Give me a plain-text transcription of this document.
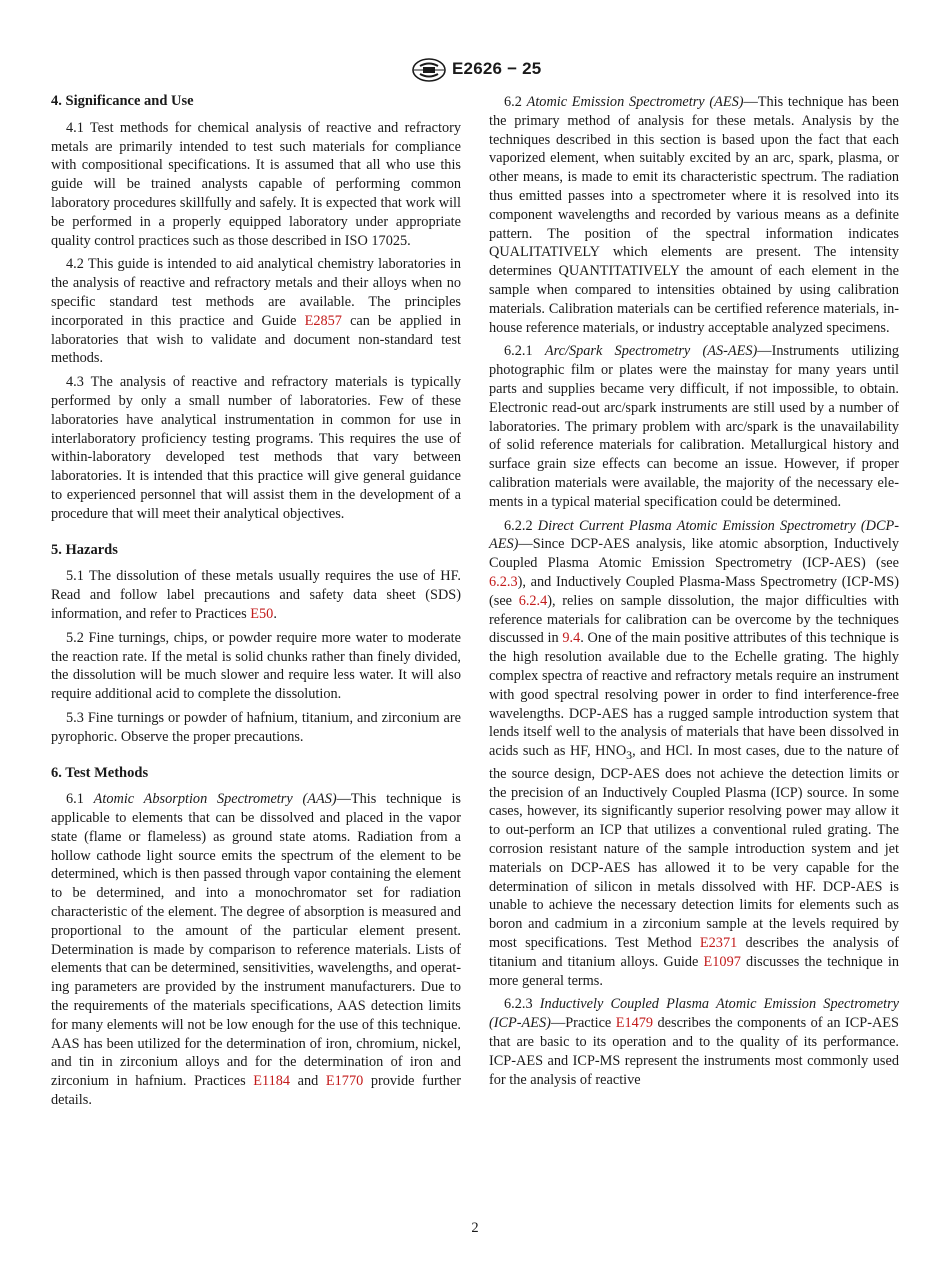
E2626 − 25
4. Significance and Use

4.1 Test methods for chemical analysis of reactive and refractory metals are primarily intended to test such materials for compliance with compositional specifications. It is assumed that all who use this guide will be trained analysts capable of performing common laboratory procedures skillfully and safely. It is expected that work will be performed in a properly equipped laboratory under appropriate quality control practices such as those described in ISO 17025.

4.2 This guide is intended to aid analytical chemistry laboratories in the analysis of reactive and refractory metals and their alloys when no specific standard test methods are available. The principles incorporated in this practice and Guide E2857 can be applied in laboratories that wish to validate and document non-standard test methods.

4.3 The analysis of reactive and refractory materials is typically performed by only a small number of laboratories. Few of these laboratories have analytical instrumentation in common for use in interlaboratory proficiency testing programs. This requires the use of within-laboratory developed test methods that vary between laboratories. It is intended that this practice will give general guidance to experienced personnel that will assist them in the development of a procedure that will meet their analytical objectives.

5. Hazards

5.1 The dissolution of these metals usually requires the use of HF. Read and follow label precautions and safety data sheet (SDS) information, and refer to Practices E50.

5.2 Fine turnings, chips, or powder require more water to moderate the reaction rate. If the metal is solid chunks rather than finely divided, the dissolution will be much slower and require less water. It will also require additional acid to complete the dissolution.

5.3 Fine turnings or powder of hafnium, titanium, and zirconium are pyrophoric. Observe the proper precautions.

6. Test Methods

6.1 Atomic Absorption Spectrometry (AAS)—This technique is applicable to elements that can be dissolved and placed in the vapor state (flame or flameless) as ground state atoms. Radiation from a hollow cathode light source emits the spectrum of the element to be determined, which is then passed through vapor containing the element to be determined, and into a monochromator set for radiation characteristic of the element. The degree of absorption is measured and proportional to the amount of the particular element present. Determination is made by comparison to reference materials. Lists of elements that can be determined, sensitivities, wavelengths, and operating parameters are provided by the instrument manufacturers. Due to the requirements of the materials specifications, AAS detection limits for many elements will not be low enough for the use of this technique. AAS has been utilized for the determination of iron, chromium, nickel, and tin in zirconium alloys and for the determination of iron and zirconium in hafnium. Practices E1184 and E1770 provide further details.

6.2 Atomic Emission Spectrometry (AES)—This technique has been the primary method of analysis for these metals. Analysis by the techniques described in this section is based upon the fact that each vaporized element, when suitably excited by an arc, spark, plasma, or other means, is made to emit its characteristic spectrum. The radiation thus emitted passes into a spectrometer where it is resolved into its component wavelengths and recorded by various means as a definite pattern. The position of the spectral information indicates QUALITATIVELY which elements are present. The intensity determines QUANTITATIVELY the amount of each element in the sample when compared to intensities obtained by using calibration materials. Calibration materials can be certified reference materials, in-house reference materials, or industry acceptable analyzed specimens.

6.2.1 Arc/Spark Spectrometry (AS-AES)—Instruments utilizing photographic film or plates were the mainstay for many years until parts and supplies became very difficult, if not impossible, to obtain. Electronic read-out arc/spark instruments are still used by a number of laboratories. The primary problem with arc/spark is the unavailability of solid reference materials for calibration. Metallurgical history and surface grain size effects can become an issue. However, if proper calibration materials were available, the majority of the necessary elements in a typical material specification could be determined.

6.2.2 Direct Current Plasma Atomic Emission Spectrometry (DCP-AES)—Since DCP-AES analysis, like atomic absorption, Inductively Coupled Plasma Atomic Emission Spectrometry (ICP-AES) (see 6.2.3), and Inductively Coupled Plasma-Mass Spectrometry (ICP-MS) (see 6.2.4), relies on sample dissolution, the major difficulties with reference materials for calibration can be overcome by the techniques discussed in 9.4. One of the main positive attributes of this technique is the high resolution available due to the Echelle grating. The highly complex spectra of reactive and refractory metals require an instrument with good spectral resolving power in order to find interference-free wavelengths. DCP-AES has a rugged sample introduction system that lends itself well to the analysis of materials that have been dissolved in acids such as HF, $HNO_3$, and HCl. In most cases, due to the nature of the source design, DCP-AES does not achieve the detection limits or the precision of an Inductively Coupled Plasma (ICP) source. In some cases, however, its significantly superior resolving power may allow it to out-perform an ICP that utilizes a conventional ruled grating. The corrosion resistant nature of the sample introduction system and jet materials on DCP-AES has allowed it to be very capable for the determination of silicon in metals dissolved with HF. DCP-AES is unable to achieve the necessary detection limits for elements such as boron and cadmium in a zirconium sample at the levels required by most specifications. Test Method E2371 describes the analysis of titanium and titanium alloys. Guide E1097 discusses the technique in more general terms.

6.2.3 Inductively Coupled Plasma Atomic Emission Spectrometry (ICP-AES)—Practice E1479 describes the components of an ICP-AES that are basic to its operation and to the quality of its performance. ICP-AES and ICP-MS represent the instruments most commonly used for the analysis of reactive

2
